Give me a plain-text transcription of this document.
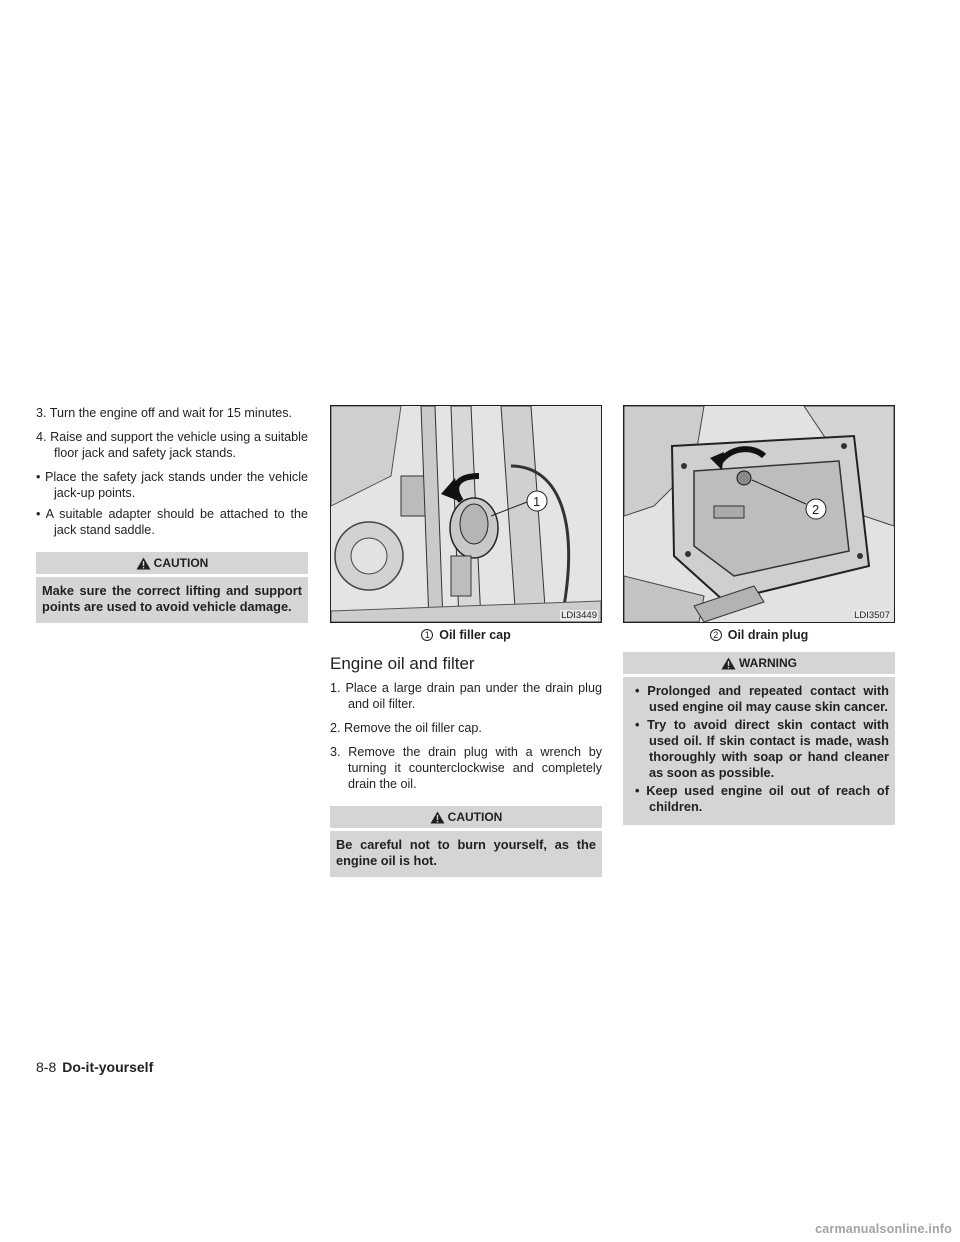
3. Turn the engine off and wait for 15 minutes.

4. Raise and support the vehicle using a suitable floor jack and safety jack stands.

• Place the safety jack stands under the vehicle jack-up points.

• A suitable adapter should be attached to the jack stand saddle.

CAUTION
Make sure the correct lifting and support points are used to avoid vehicle damage.
1
LDI3449
1 Oil filler cap
Engine oil and filter

1. Place a large drain pan under the drain plug and oil filter.

2. Remove the oil filler cap.

3. Remove the drain plug with a wrench by turning it counterclockwise and completely drain the oil.

CAUTION
Be careful not to burn yourself, as the engine oil is hot.
2
LDI3507
2 Oil drain plug
WARNING
• Prolonged and repeated contact with used engine oil may cause skin cancer.
• Try to avoid direct skin contact with used oil. If skin contact is made, wash thoroughly with soap or hand cleaner as soon as possible.
• Keep used engine oil out of reach of children.
8-8 Do-it-yourself
carmanualsonline.info
